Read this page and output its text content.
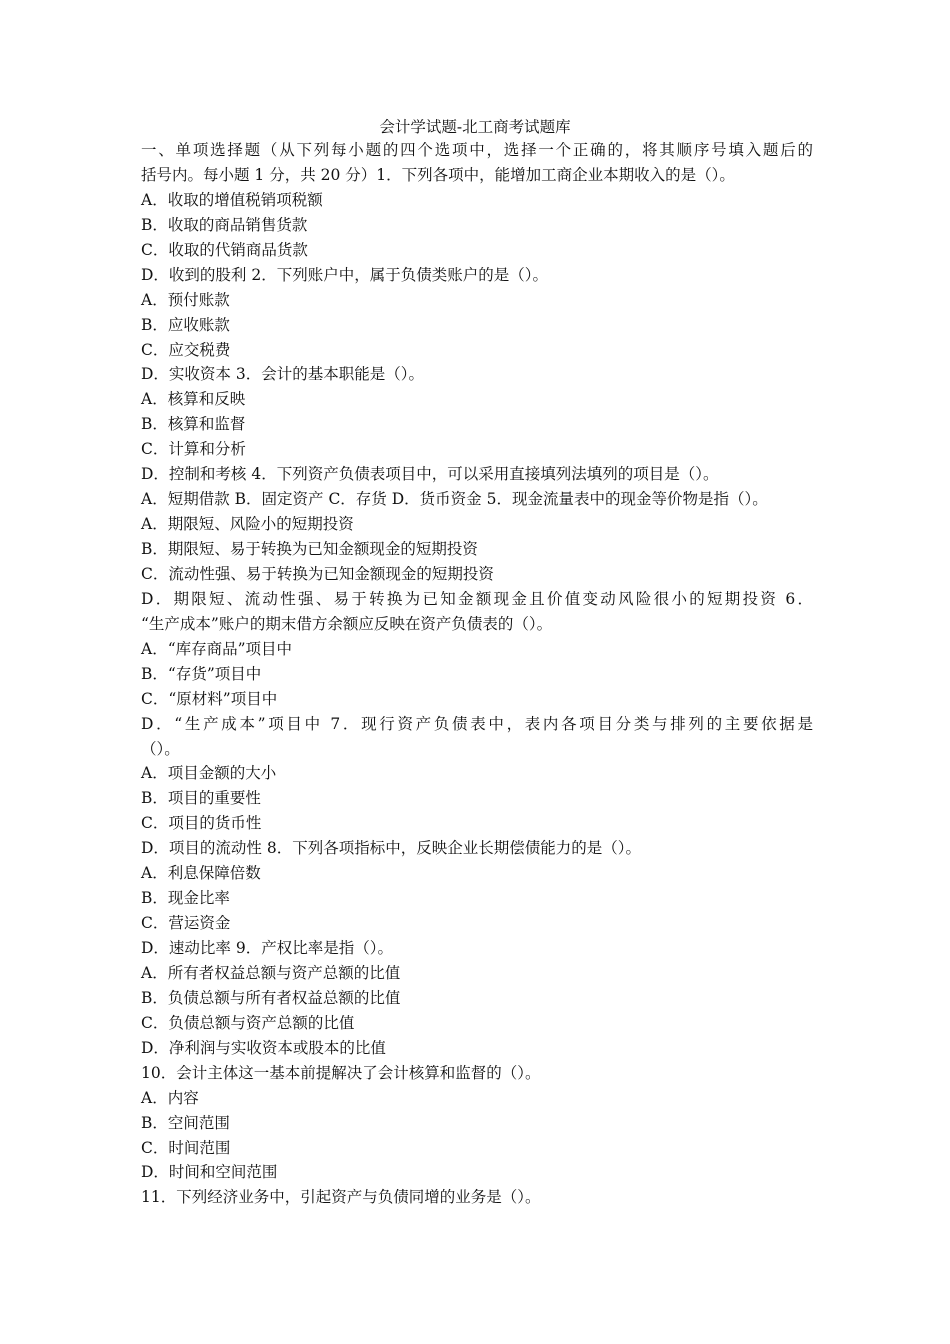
会计学试题-北工商考试题库

一、单项选择题（从下列每小题的四个选项中，选择一个正确的，将其顺序号填入题后的

括号内。每小题 1 分，共 20 分）1．下列各项中，能增加工商企业本期收入的是（）。

A．收取的增值税销项税额

B．收取的商品销售货款

C．收取的代销商品货款

D．收到的股利 2．下列账户中，属于负债类账户的是（）。

A．预付账款

B．应收账款

C．应交税费

D．实收资本 3．会计的基本职能是（）。

A．核算和反映

B．核算和监督

C．计算和分析

D．控制和考核 4．下列资产负债表项目中，可以采用直接填列法填列的项目是（）。

A．短期借款 B．固定资产 C．存货 D．货币资金 5．现金流量表中的现金等价物是指（）。

A．期限短、风险小的短期投资

B．期限短、易于转换为已知金额现金的短期投资

C．流动性强、易于转换为已知金额现金的短期投资

D．期限短、流动性强、易于转换为已知金额现金且价值变动风险很小的短期投资 6．

“生产成本”账户的期末借方余额应反映在资产负债表的（）。

A．“库存商品”项目中

B．“存货”项目中

C．“原材料”项目中

D．“生产成本”项目中 7．现行资产负债表中，表内各项目分类与排列的主要依据是

（）。

A．项目金额的大小

B．项目的重要性

C．项目的货币性

D．项目的流动性 8．下列各项指标中，反映企业长期偿债能力的是（）。

A．利息保障倍数

B．现金比率

C．营运资金

D．速动比率 9．产权比率是指（）。

A．所有者权益总额与资产总额的比值

B．负债总额与所有者权益总额的比值

C．负债总额与资产总额的比值

D．净利润与实收资本或股本的比值

10．会计主体这一基本前提解决了会计核算和监督的（）。

A．内容

B．空间范围

C．时间范围

D．时间和空间范围

11．下列经济业务中，引起资产与负债同增的业务是（）。
